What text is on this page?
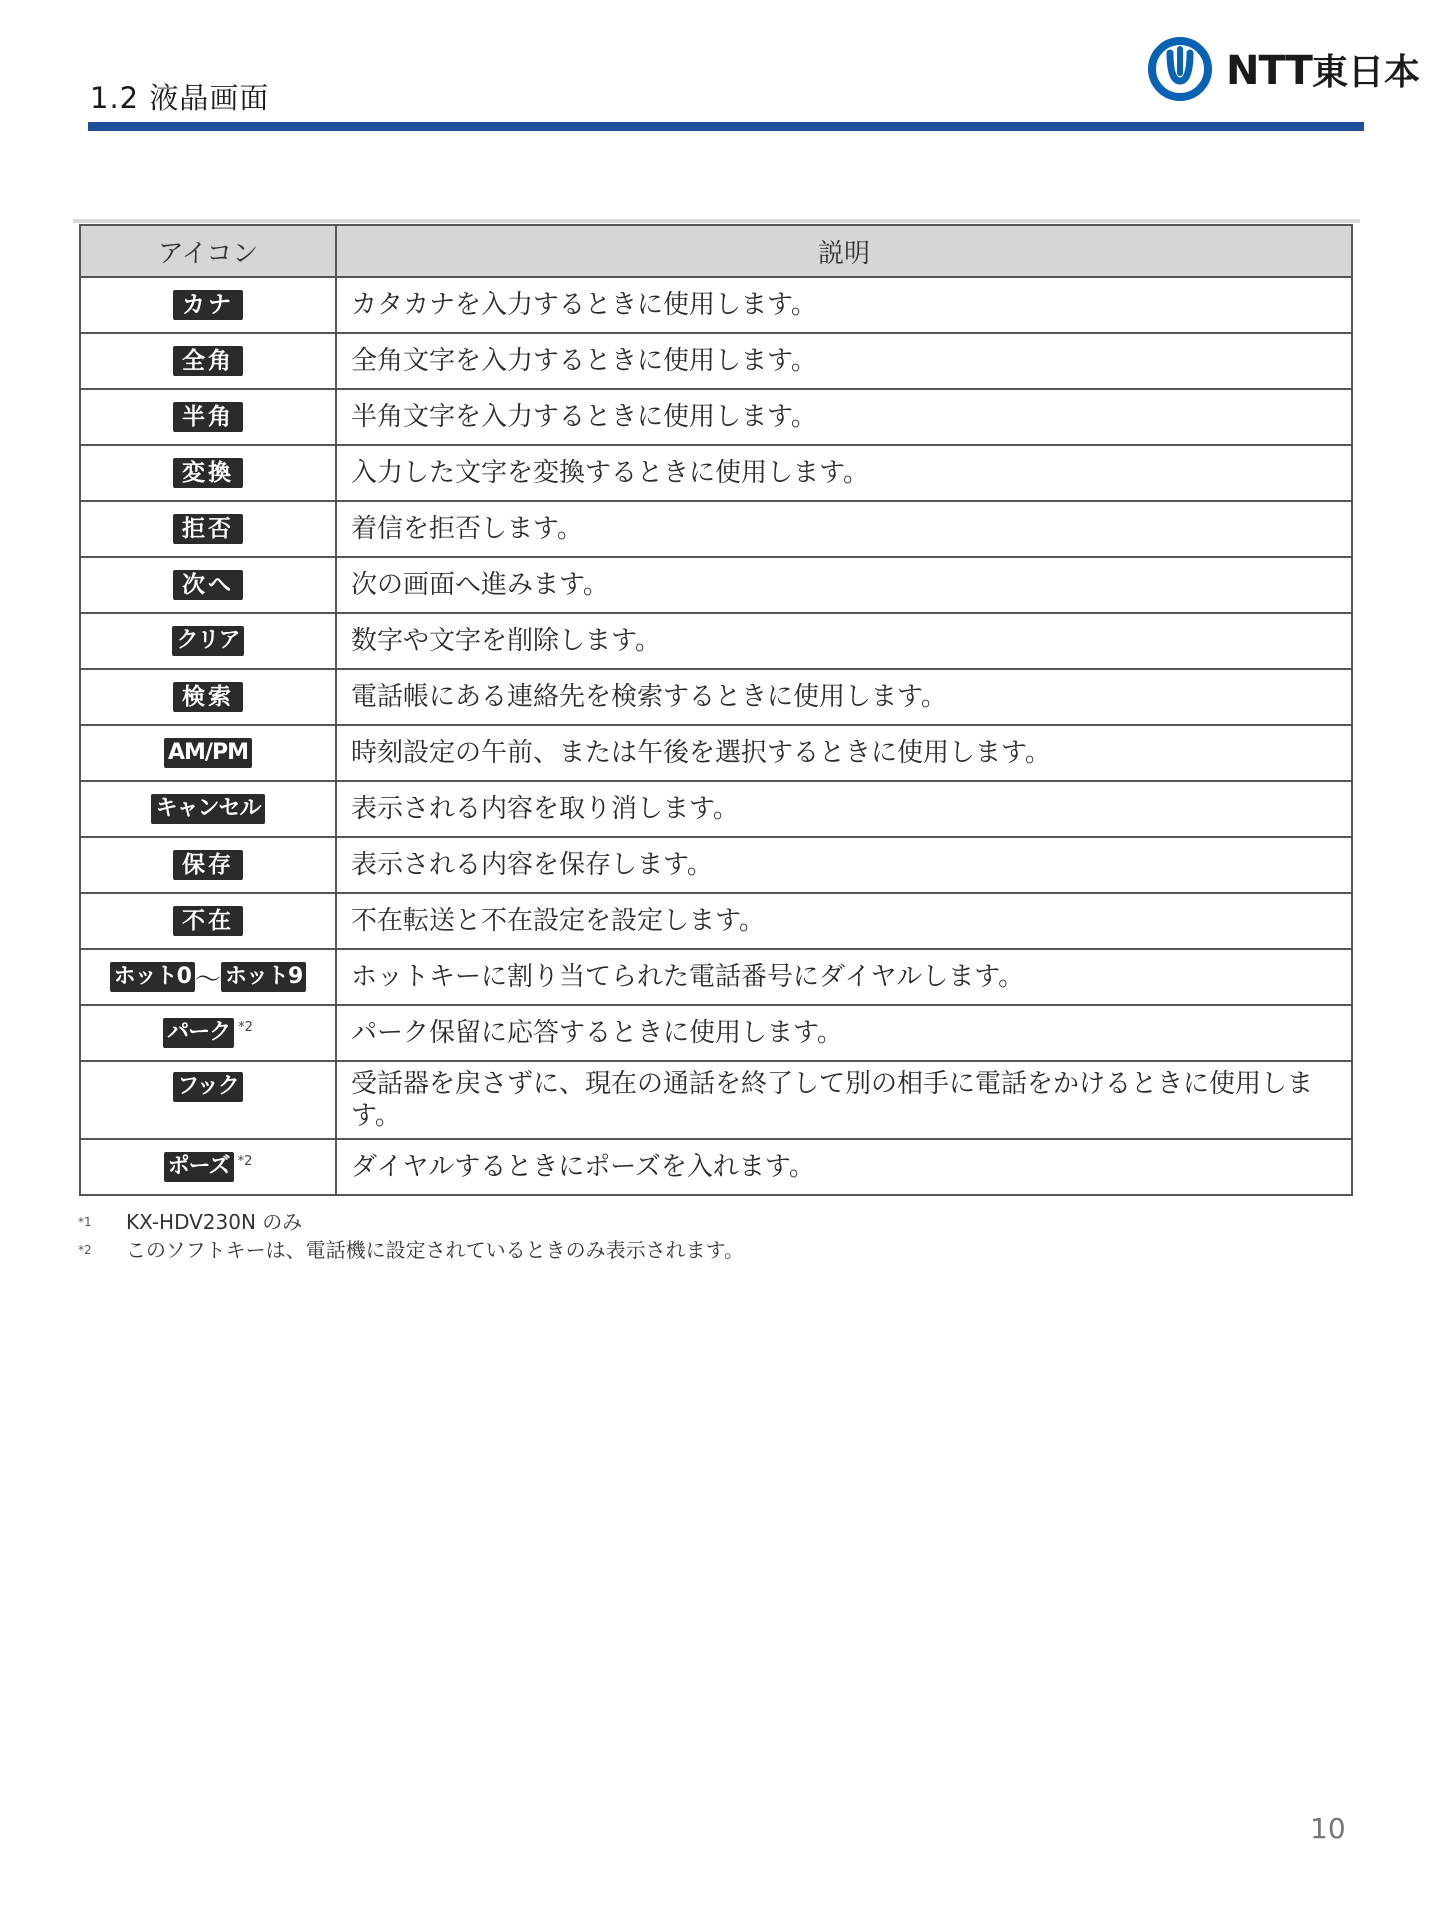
1.2 液晶画面
NTT東日本
アイコン	説明
カナ	カタカナを入力するときに使用します。
全角	全角文字を入力するときに使用します。
半角	半角文字を入力するときに使用します。
変換	入力した文字を変換するときに使用します。
拒否	着信を拒否します。
次へ	次の画面へ進みます。
クリア	数字や文字を削除します。
検索	電話帳にある連絡先を検索するときに使用します。
AM/PM	時刻設定の午前、または午後を選択するときに使用します。
キャンセル	表示される内容を取り消します。
保存	表示される内容を保存します。
不在	不在転送と不在設定を設定します。
ホット0 〜 ホット9	ホットキーに割り当てられた電話番号にダイヤルします。
パーク $^{*2}$	パーク保留に応答するときに使用します。
フック	受話器を戻さずに、現在の通話を終了して別の相手に電話をかけるときに使用します。
ポーズ $^{*2}$	ダイヤルするときにポーズを入れます。
*1	KX-HDV230N のみ
*2	このソフトキーは、電話機に設定されているときのみ表示されます。
10
